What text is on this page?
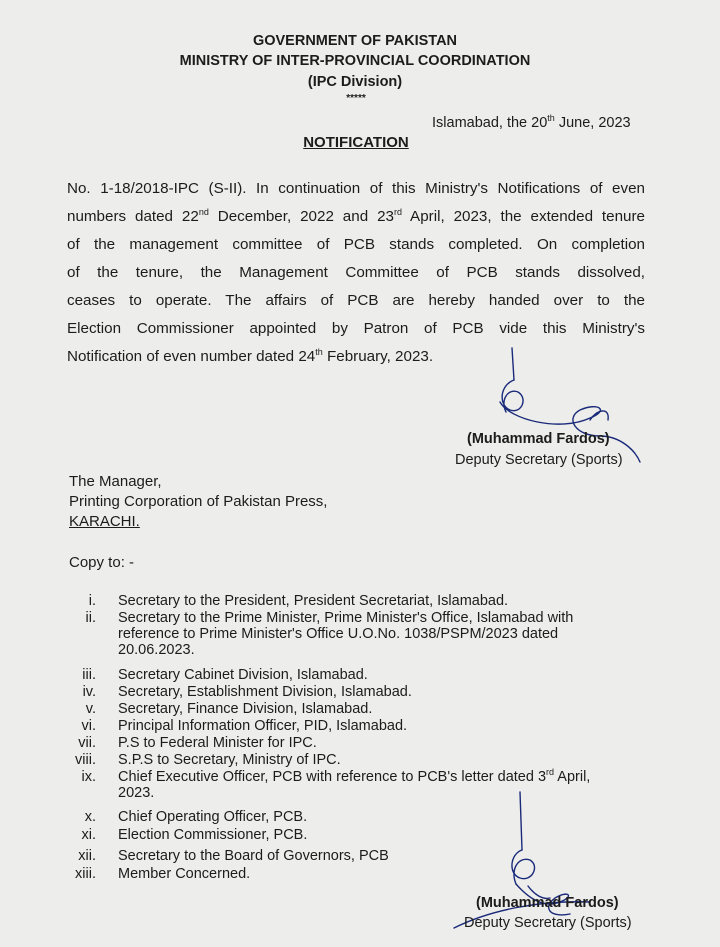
GOVERNMENT OF PAKISTAN
MINISTRY OF INTER-PROVINCIAL COORDINATION
(IPC Division)
*****
Islamabad, the 20th June, 2023
NOTIFICATION
No. 1-18/2018-IPC (S-II). In continuation of this Ministry's Notifications of even
numbers dated 22nd December, 2022 and 23rd April, 2023, the extended tenure
of the management committee of PCB stands completed. On completion
of the tenure, the Management Committee of PCB stands dissolved,
ceases to operate. The affairs of PCB are hereby handed over to the
Election Commissioner appointed by Patron of PCB vide this Ministry's
Notification of even number dated 24th February, 2023.
(Muhammad Fardos)
Deputy Secretary (Sports)
The Manager,
Printing Corporation of Pakistan Press,
KARACHI.
Copy to: -
i. Secretary to the President, President Secretariat, Islamabad.
ii. Secretary to the Prime Minister, Prime Minister's Office, Islamabad with
reference to Prime Minister's Office U.O.No. 1038/PSPM/2023 dated
20.06.2023.
iii. Secretary Cabinet Division, Islamabad.
iv. Secretary, Establishment Division, Islamabad.
v. Secretary, Finance Division, Islamabad.
vi. Principal Information Officer, PID, Islamabad.
vii. P.S to Federal Minister for IPC.
viii. S.P.S to Secretary, Ministry of IPC.
ix. Chief Executive Officer, PCB with reference to PCB's letter dated 3rd April,
2023.
x. Chief Operating Officer, PCB.
xi. Election Commissioner, PCB.
xii. Secretary to the Board of Governors, PCB
xiii. Member Concerned.
(Muhammad Fardos)
Deputy Secretary (Sports)
